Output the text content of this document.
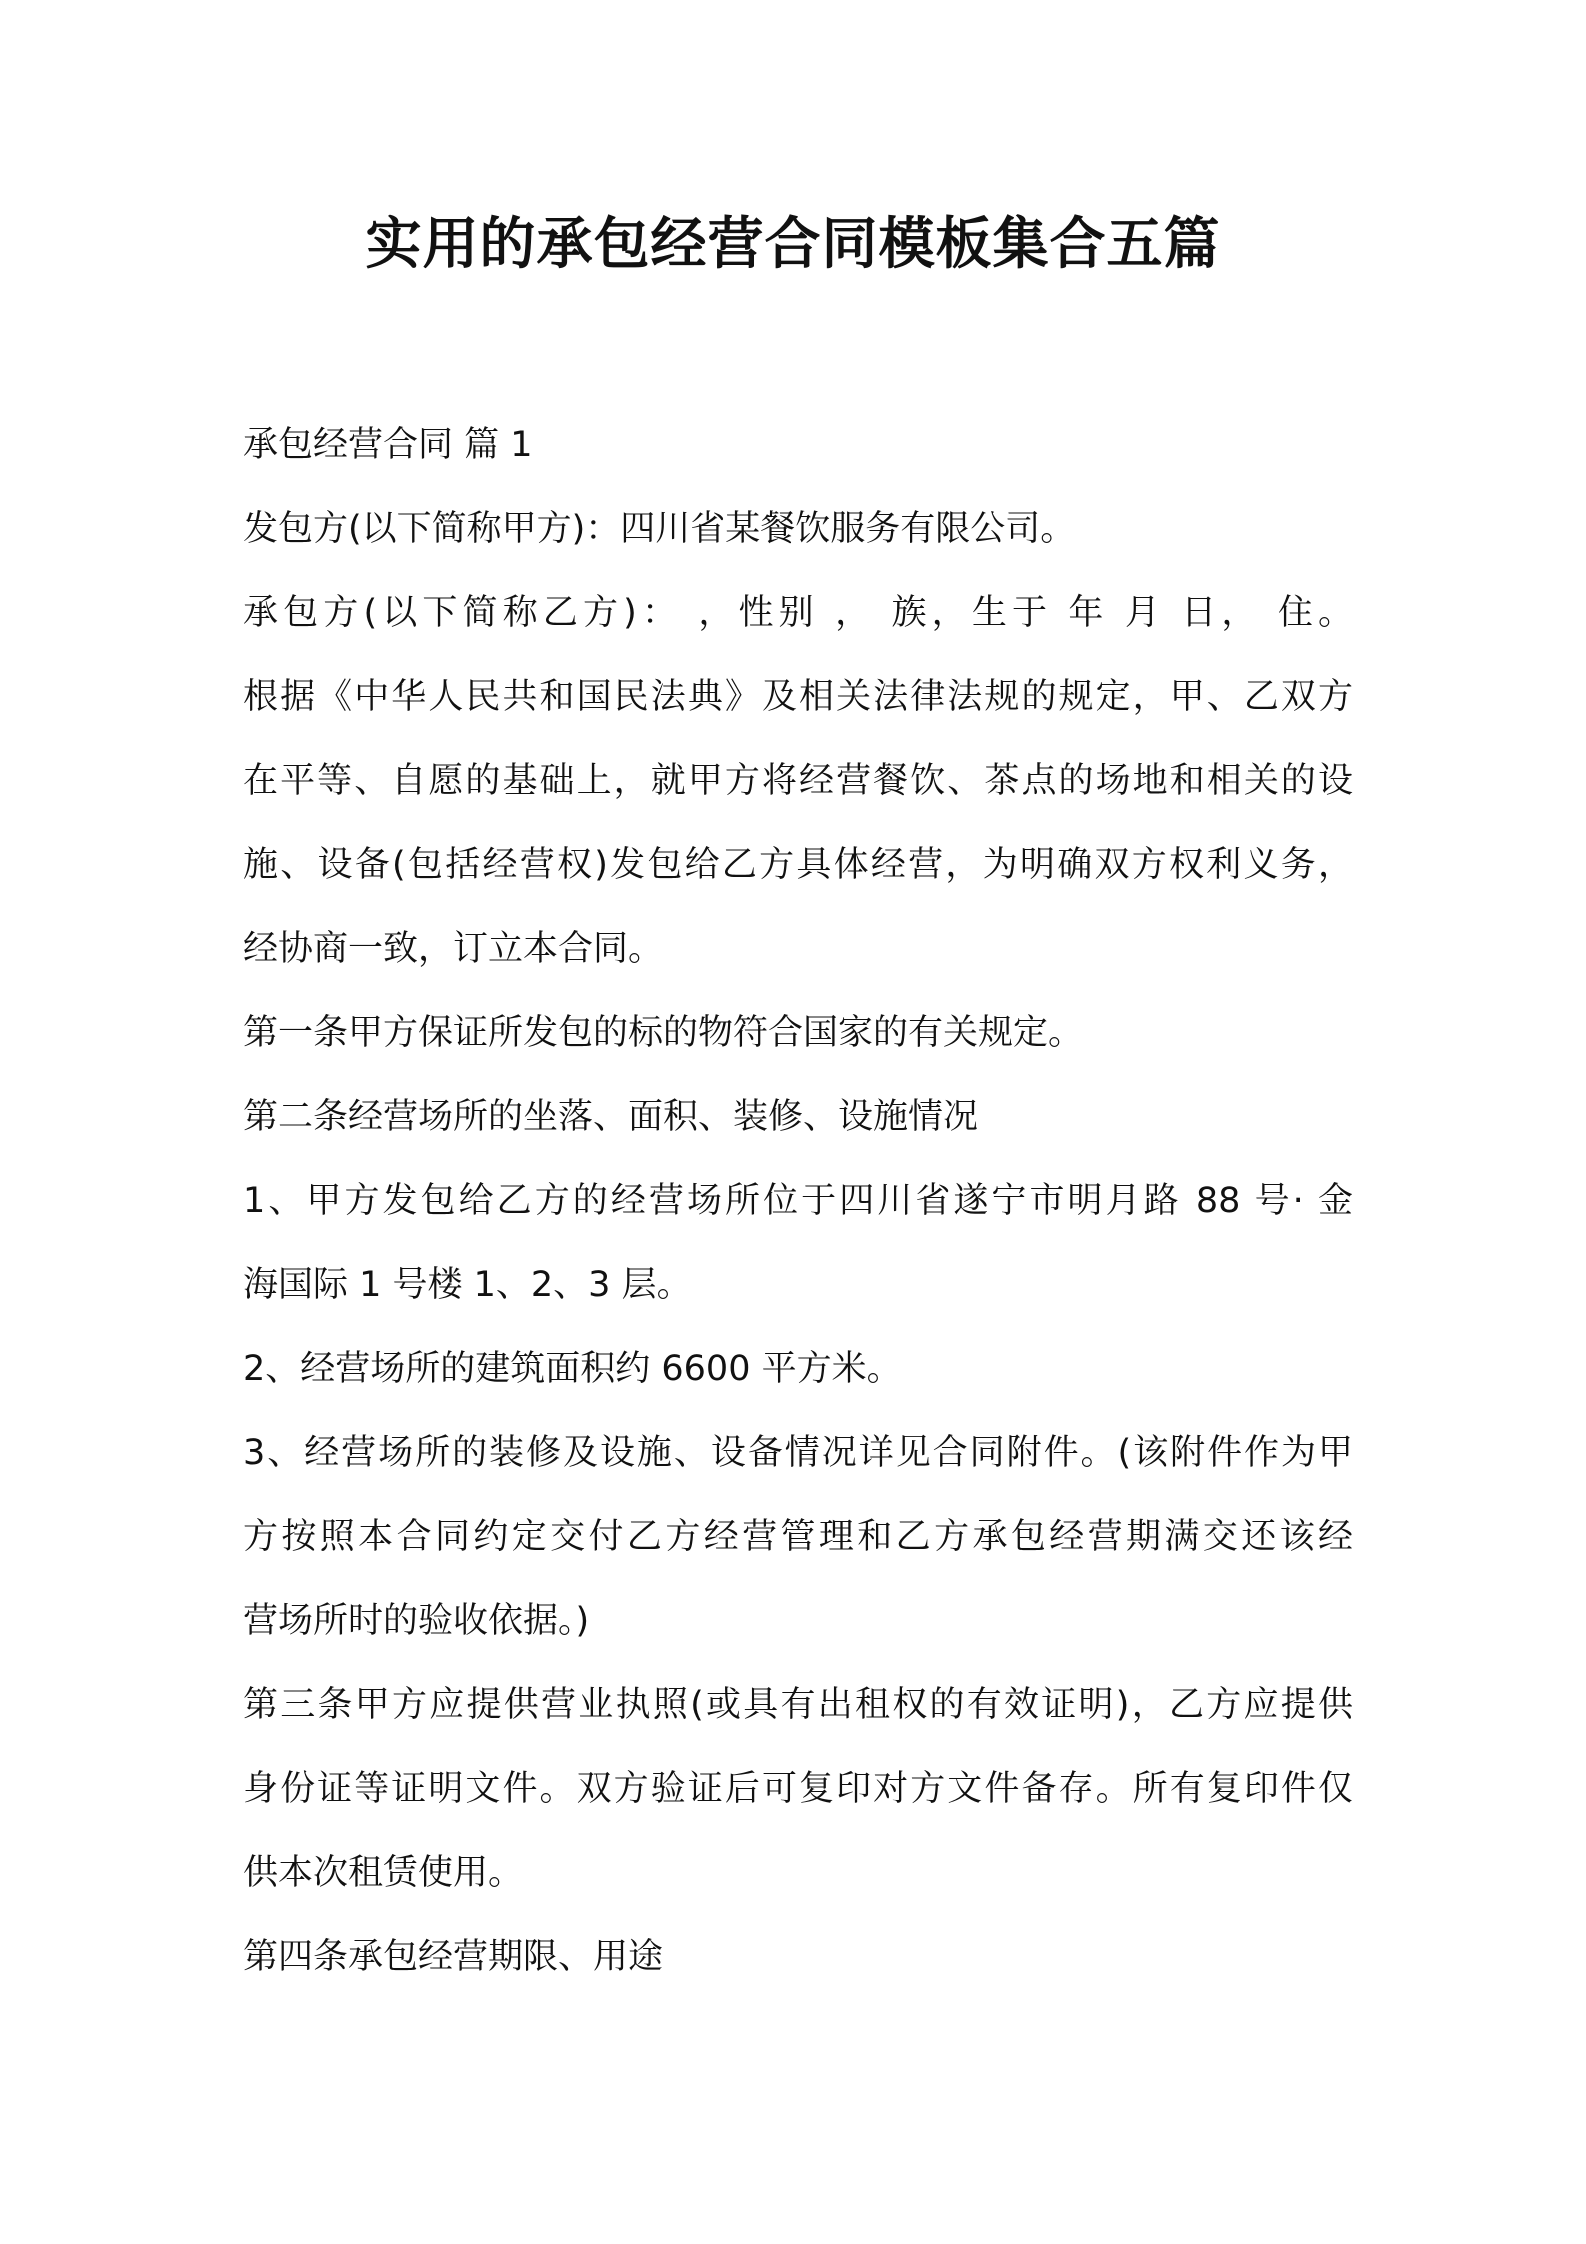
实用的承包经营合同模板集合五篇

承包经营合同 篇 1

发包方(以下简称甲方)：四川省某餐饮服务有限公司。

承包方(以下简称乙方)： ，性别 ， 族，生于 年 月 日， 住。

根据《中华人民共和国民法典》及相关法律法规的规定，甲、乙双方

在平等、自愿的基础上，就甲方将经营餐饮、茶点的场地和相关的设

施、设备(包括经营权)发包给乙方具体经营，为明确双方权利义务，

经协商一致，订立本合同。

第一条甲方保证所发包的标的物符合国家的有关规定。

第二条经营场所的坐落、面积、装修、设施情况

1、甲方发包给乙方的经营场所位于四川省遂宁市明月路 88 号· 金

海国际 1 号楼 1、2、3 层。

2、经营场所的建筑面积约 6600 平方米。

3、经营场所的装修及设施、设备情况详见合同附件。(该附件作为甲

方按照本合同约定交付乙方经营管理和乙方承包经营期满交还该经

营场所时的验收依据。)

第三条甲方应提供营业执照(或具有出租权的有效证明)，乙方应提供

身份证等证明文件。双方验证后可复印对方文件备存。所有复印件仅

供本次租赁使用。

第四条承包经营期限、用途
